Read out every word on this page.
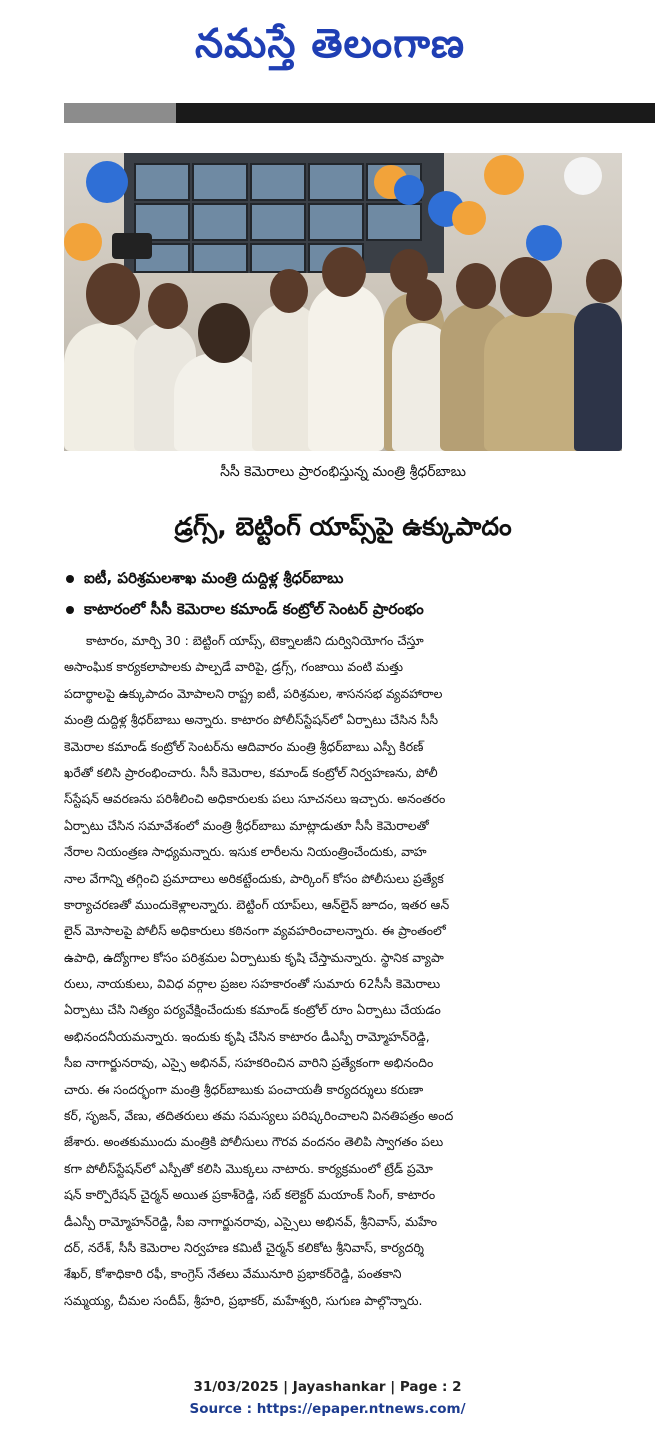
నమస్తే తెలంగాణ
సీసీ కెమెరాలు ప్రారంభిస్తున్న మంత్రి శ్రీధర్‌బాబు
డ్రగ్స్‌, బెట్టింగ్‌ యాప్స్‌పై ఉక్కుపాదం
ఐటీ, పరిశ్రమలశాఖ మంత్రి దుద్దిళ్ల శ్రీధర్‌బాబు
కాటారంలో సీసీ కెమెరాల కమాండ్‌ కంట్రోల్‌ సెంటర్‌ ప్రారంభం
కాటారం, మార్చి 30 : బెట్టింగ్‌ యాప్స్‌, టెక్నాలజీని దుర్వినియోగం చేస్తూ
అసాంఘిక కార్యకలాపాలకు పాల్పడే వారిపై, డ్రగ్స్‌, గంజాయి వంటి మత్తు
పదార్థాలపై ఉక్కుపాదం మోపాలని రాష్ట్ర ఐటీ, పరిశ్రమల, శాసనసభ వ్యవహారాల
మంత్రి దుద్దిళ్ల శ్రీధర్‌బాబు అన్నారు. కాటారం పోలీస్‌స్టేషన్‌లో ఏర్పాటు చేసిన సీసీ
కెమెరాల కమాండ్‌ కంట్రోల్‌ సెంటర్‌ను ఆదివారం మంత్రి శ్రీధర్‌బాబు ఎస్పీ కిరణ్‌
ఖరేతో కలిసి ప్రారంభించారు. సీసీ కెమెరాల, కమాండ్‌ కంట్రోల్‌ నిర్వహణను, పోలీ
స్‌స్టేషన్‌ ఆవరణను పరిశీలించి అధికారులకు పలు సూచనలు ఇచ్చారు. అనంతరం
ఏర్పాటు చేసిన సమావేశంలో మంత్రి శ్రీధర్‌బాబు మాట్లాడుతూ సీసీ కెమెరాలతో
నేరాల నియంత్రణ సాధ్యమన్నారు. ఇసుక లారీలను నియంత్రించేందుకు, వాహ
నాల వేగాన్ని తగ్గించి ప్రమాదాలు అరికట్టేందుకు, పార్కింగ్‌ కోసం పోలీసులు ప్రత్యేక
కార్యాచరణతో ముందుకెళ్లాలన్నారు. బెట్టింగ్‌ యాప్‌లు, ఆన్‌లైన్‌ జూదం, ఇతర ఆన్‌
లైన్‌ మోసాలపై పోలీస్‌ అధికారులు కఠినంగా వ్యవహరించాలన్నారు. ఈ ప్రాంతంలో
ఉపాధి, ఉద్యోగాల కోసం పరిశ్రమల ఏర్పాటుకు కృషి చేస్తామన్నారు. స్థానిక వ్యాపా
రులు, నాయకులు, వివిధ వర్గాల ప్రజల సహకారంతో సుమారు 62సీసీ కెమెరాలు
ఏర్పాటు చేసి నిత్యం పర్యవేక్షించేందుకు కమాండ్‌ కంట్రోల్‌ రూం ఏర్పాటు చేయడం
అభినందనీయమన్నారు. ఇందుకు కృషి చేసిన కాటారం డీఎస్పీ రామ్మోహన్‌రెడ్డి,
సీఐ నాగార్జునరావు, ఎస్సై అభినవ్‌, సహకరించిన వారిని ప్రత్యేకంగా అభినందిం
చారు. ఈ సందర్భంగా మంత్రి శ్రీధర్‌బాబుకు పంచాయతీ కార్యదర్శులు కరుణా
కర్‌, సృజన్‌, వేణు, తదితరులు తమ సమస్యలు పరిష్కరించాలని వినతిపత్రం అంద
జేశారు. అంతకుముందు మంత్రికి పోలీసులు గౌరవ వందనం తెలిపి స్వాగతం పలు
కగా పోలీస్‌స్టేషన్‌లో ఎస్పీతో కలిసి మొక్కలు నాటారు. కార్యక్రమంలో ట్రేడ్‌ ప్రమో
షన్‌ కార్పొరేషన్‌ చైర్మన్‌ అయిత ప్రకాశ్‌రెడ్డి, సబ్‌ కలెక్టర్‌ మయాంక్‌ సింగ్‌, కాటారం
డీఎస్పీ రామ్మోహన్‌రెడ్డి, సీఐ నాగార్జునరావు, ఎస్సైలు అభినవ్‌, శ్రీనివాస్‌, మహేం
దర్‌, నరేశ్‌, సీసీ కెమెరాల నిర్వహణ కమిటీ చైర్మన్‌ కలికోట శ్రీనివాస్‌, కార్యదర్శి
శేఖర్‌, కోశాధికారి రఫీ, కాంగ్రెస్‌ నేతలు వేమునూరి ప్రభాకర్‌రెడ్డి, పంతకాని
సమ్మయ్య, చీమల సందీప్‌, శ్రీహరి, ప్రభాకర్‌, మహేశ్వరి, సుగుణ పాల్గొన్నారు.
31/03/2025 | Jayashankar | Page : 2
Source : https://epaper.ntnews.com/
